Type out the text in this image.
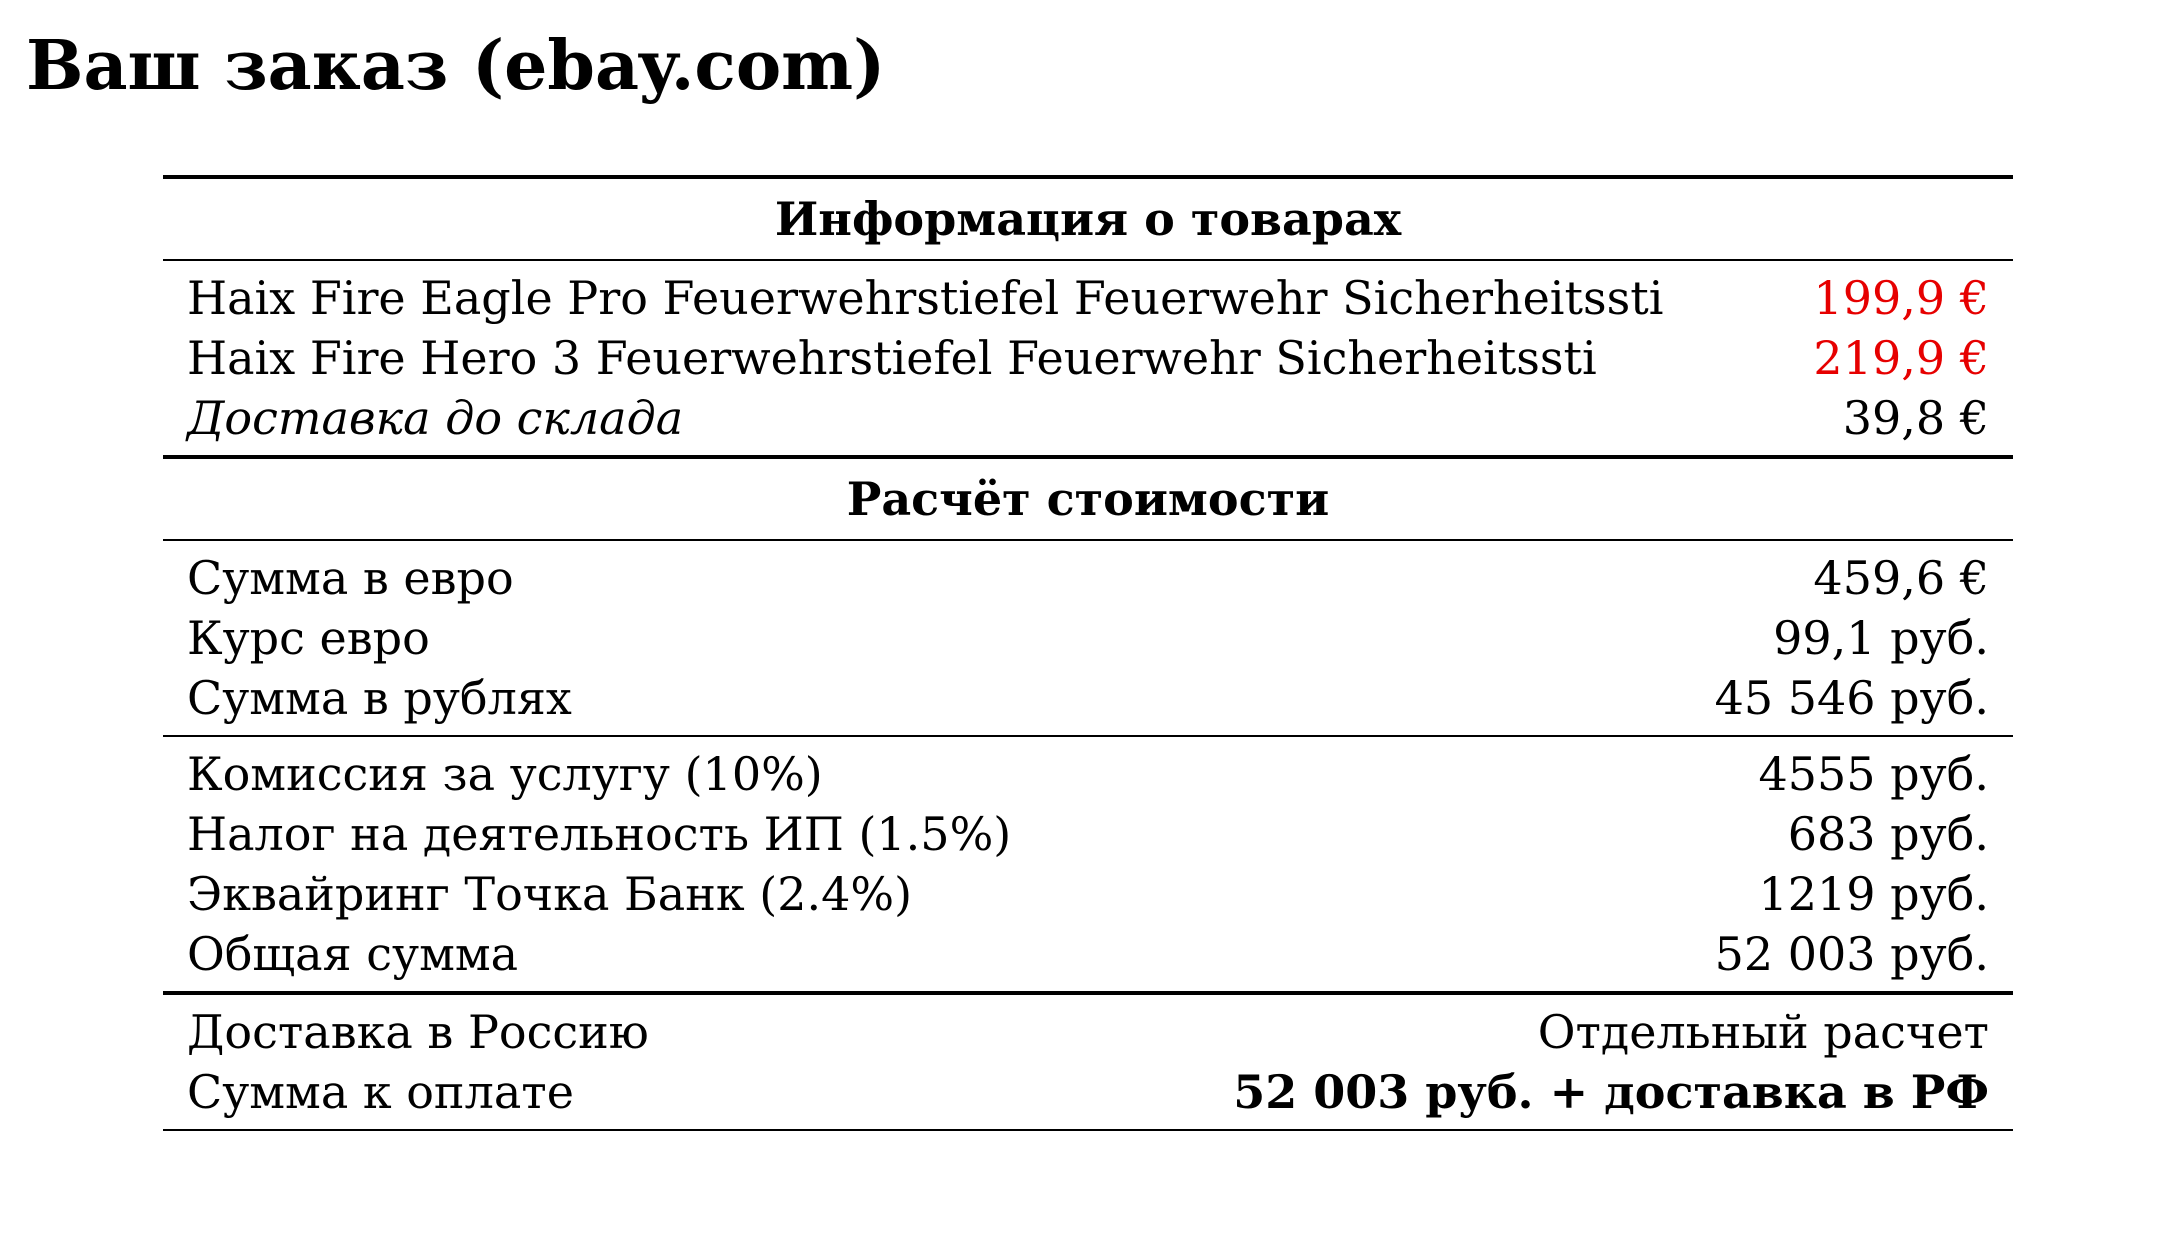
Ваш заказ (ebay.com)
Информация о товарах
Haix Fire Eagle Pro Feuerwehrstiefel Feuerwehr Sicherheitssti	199,9 €
Haix Fire Hero 3 Feuerwehrstiefel Feuerwehr Sicherheitssti	219,9 €
Доставка до склада	39,8 €
Расчёт стоимости
Сумма в евро	459,6 €
Курс евро	99,1 руб.
Сумма в рублях	45 546 руб.
Комиссия за услугу (10%)	4555 руб.
Налог на деятельность ИП (1.5%)	683 руб.
Эквайринг Точка Банк (2.4%)	1219 руб.
Общая сумма	52 003 руб.
Доставка в Россию	Отдельный расчет
Сумма к оплате	52 003 руб. + доставка в РФ
